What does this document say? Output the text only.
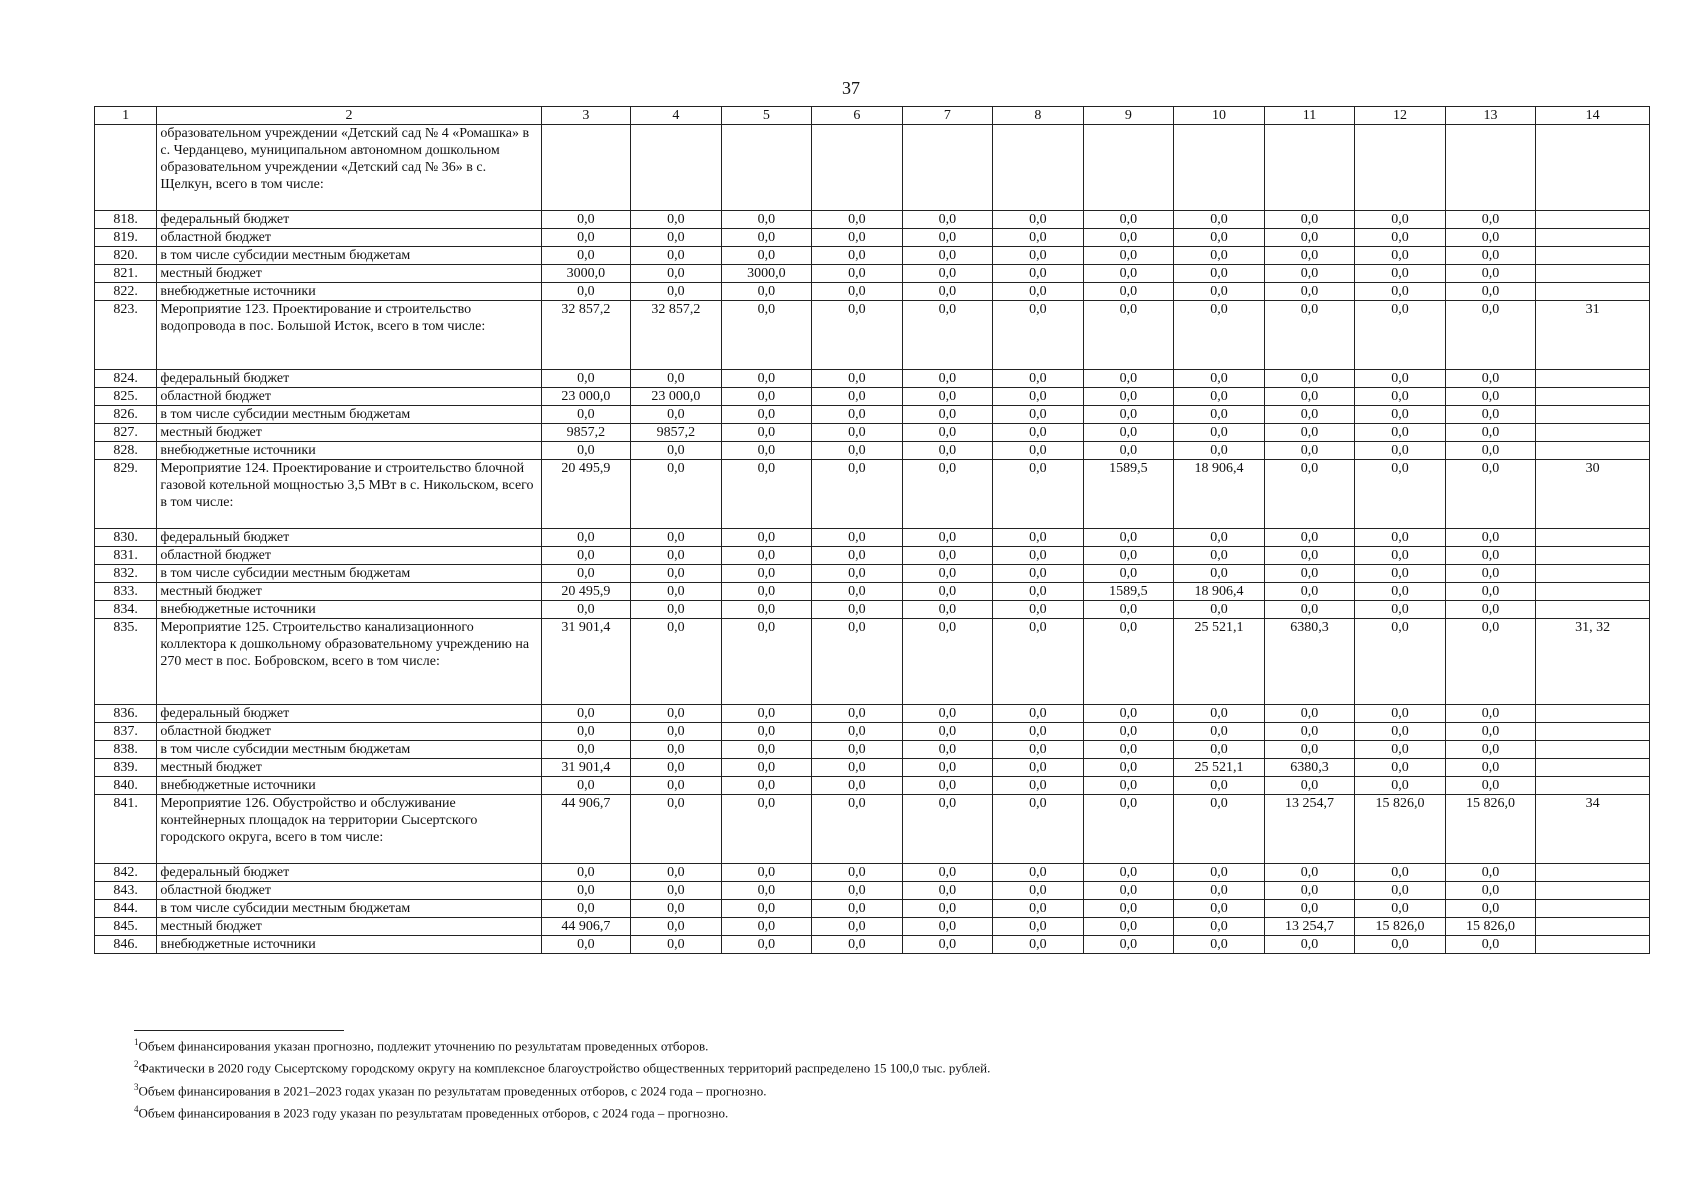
37
1	2	3	4	5	6	7	8	9	10	11	12	13	14
	образовательном учреждении «Детский сад № 4 «Ромашка» в с. Черданцево, муниципальном автономном дошкольном образовательном учреждении «Детский сад № 36» в с. Щелкун, всего в том числе:												
818.	федеральный бюджет	0,0	0,0	0,0	0,0	0,0	0,0	0,0	0,0	0,0	0,0	0,0	
819.	областной бюджет	0,0	0,0	0,0	0,0	0,0	0,0	0,0	0,0	0,0	0,0	0,0	
820.	в том числе субсидии местным бюджетам	0,0	0,0	0,0	0,0	0,0	0,0	0,0	0,0	0,0	0,0	0,0	
821.	местный бюджет	3000,0	0,0	3000,0	0,0	0,0	0,0	0,0	0,0	0,0	0,0	0,0	
822.	внебюджетные источники	0,0	0,0	0,0	0,0	0,0	0,0	0,0	0,0	0,0	0,0	0,0	
823.	Мероприятие 123. Проектирование и строительство водопровода в пос. Большой Исток, всего в том числе:	32 857,2	32 857,2	0,0	0,0	0,0	0,0	0,0	0,0	0,0	0,0	0,0	31
824.	федеральный бюджет	0,0	0,0	0,0	0,0	0,0	0,0	0,0	0,0	0,0	0,0	0,0	
825.	областной бюджет	23 000,0	23 000,0	0,0	0,0	0,0	0,0	0,0	0,0	0,0	0,0	0,0	
826.	в том числе субсидии местным бюджетам	0,0	0,0	0,0	0,0	0,0	0,0	0,0	0,0	0,0	0,0	0,0	
827.	местный бюджет	9857,2	9857,2	0,0	0,0	0,0	0,0	0,0	0,0	0,0	0,0	0,0	
828.	внебюджетные источники	0,0	0,0	0,0	0,0	0,0	0,0	0,0	0,0	0,0	0,0	0,0	
829.	Мероприятие 124. Проектирование и строительство блочной газовой котельной мощностью 3,5 МВт в с. Никольском, всего в том числе:	20 495,9	0,0	0,0	0,0	0,0	0,0	1589,5	18 906,4	0,0	0,0	0,0	30
830.	федеральный бюджет	0,0	0,0	0,0	0,0	0,0	0,0	0,0	0,0	0,0	0,0	0,0	
831.	областной бюджет	0,0	0,0	0,0	0,0	0,0	0,0	0,0	0,0	0,0	0,0	0,0	
832.	в том числе субсидии местным бюджетам	0,0	0,0	0,0	0,0	0,0	0,0	0,0	0,0	0,0	0,0	0,0	
833.	местный бюджет	20 495,9	0,0	0,0	0,0	0,0	0,0	1589,5	18 906,4	0,0	0,0	0,0	
834.	внебюджетные источники	0,0	0,0	0,0	0,0	0,0	0,0	0,0	0,0	0,0	0,0	0,0	
835.	Мероприятие 125. Строительство канализационного коллектора к дошкольному образовательному учреждению на 270 мест в пос. Бобровском, всего в том числе:	31 901,4	0,0	0,0	0,0	0,0	0,0	0,0	25 521,1	6380,3	0,0	0,0	31, 32
836.	федеральный бюджет	0,0	0,0	0,0	0,0	0,0	0,0	0,0	0,0	0,0	0,0	0,0	
837.	областной бюджет	0,0	0,0	0,0	0,0	0,0	0,0	0,0	0,0	0,0	0,0	0,0	
838.	в том числе субсидии местным бюджетам	0,0	0,0	0,0	0,0	0,0	0,0	0,0	0,0	0,0	0,0	0,0	
839.	местный бюджет	31 901,4	0,0	0,0	0,0	0,0	0,0	0,0	25 521,1	6380,3	0,0	0,0	
840.	внебюджетные источники	0,0	0,0	0,0	0,0	0,0	0,0	0,0	0,0	0,0	0,0	0,0	
841.	Мероприятие 126. Обустройство и обслуживание контейнерных площадок на территории Сысертского городского округа, всего в том числе:	44 906,7	0,0	0,0	0,0	0,0	0,0	0,0	0,0	13 254,7	15 826,0	15 826,0	34
842.	федеральный бюджет	0,0	0,0	0,0	0,0	0,0	0,0	0,0	0,0	0,0	0,0	0,0	
843.	областной бюджет	0,0	0,0	0,0	0,0	0,0	0,0	0,0	0,0	0,0	0,0	0,0	
844.	в том числе субсидии местным бюджетам	0,0	0,0	0,0	0,0	0,0	0,0	0,0	0,0	0,0	0,0	0,0	
845.	местный бюджет	44 906,7	0,0	0,0	0,0	0,0	0,0	0,0	0,0	13 254,7	15 826,0	15 826,0	
846.	внебюджетные источники	0,0	0,0	0,0	0,0	0,0	0,0	0,0	0,0	0,0	0,0	0,0	
$^1$Объем финансирования указан прогнозно, подлежит уточнению по результатам проведенных отборов.
$^2$Фактически в 2020 году Сысертскому городскому округу на комплексное благоустройство общественных территорий распределено 15 100,0 тыс. рублей.
$^3$Объем финансирования в 2021–2023 годах указан по результатам проведенных отборов, с 2024 года – прогнозно.
$^4$Объем финансирования в 2023 году указан по результатам проведенных отборов, с 2024 года – прогнозно.
